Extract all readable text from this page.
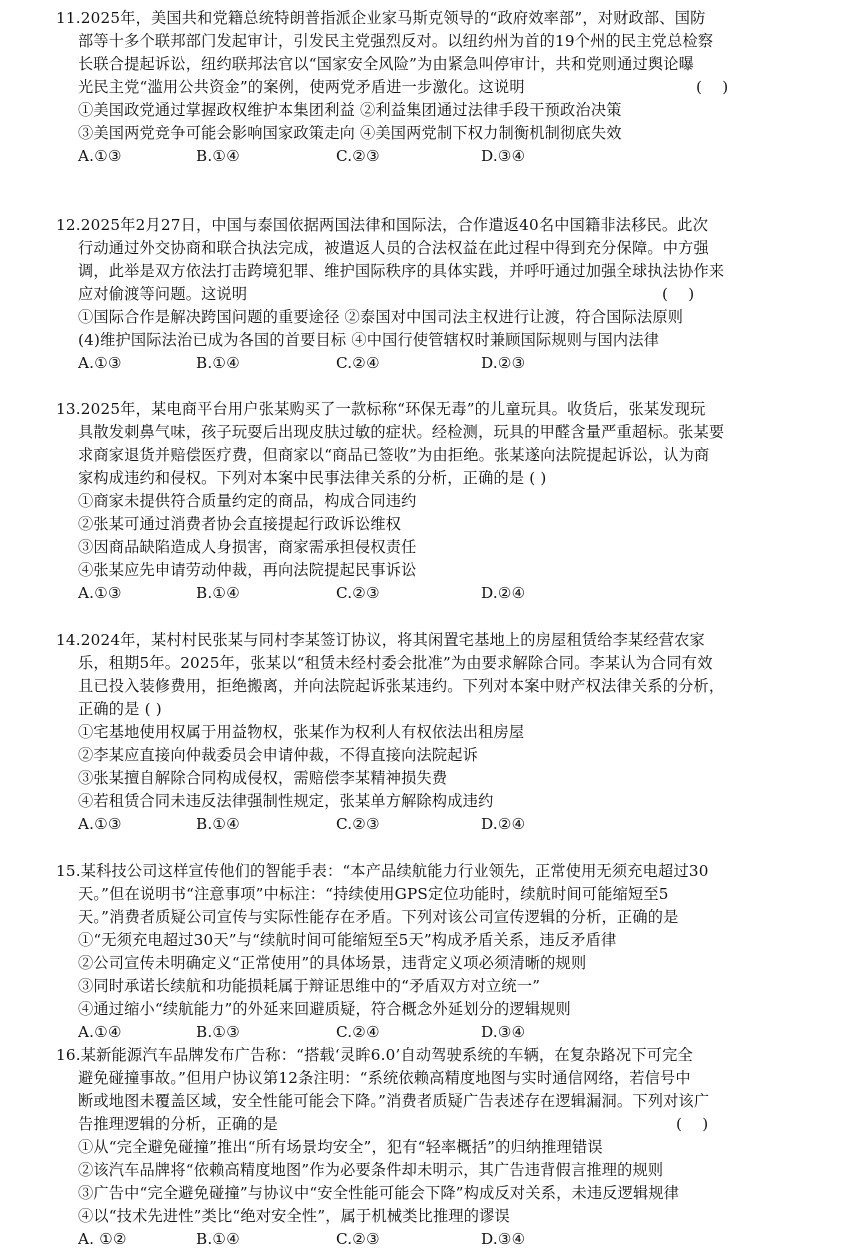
11.2025年，美国共和党籍总统特朗普指派企业家马斯克领导的“政府效率部”，对财政部、国防
部等十多个联邦部门发起审计，引发民主党强烈反对。以纽约州为首的19个州的民主党总检察
长联合提起诉讼，纽约联邦法官以“国家安全风险”为由紧急叫停审计，共和党则通过舆论曝
光民主党“滥用公共资金”的案例，使两党矛盾进一步激化。这说明	(    )
①美国政党通过掌握政权维护本集团利益 ②利益集团通过法律手段干预政治决策
③美国两党竞争可能会影响国家政策走向 ④美国两党制下权力制衡机制彻底失效
A.①③	B.①④	C.②③	D.③④
12.2025年2月27日，中国与泰国依据两国法律和国际法，合作遣返40名中国籍非法移民。此次
行动通过外交协商和联合执法完成，被遣返人员的合法权益在此过程中得到充分保障。中方强
调，此举是双方依法打击跨境犯罪、维护国际秩序的具体实践，并呼吁通过加强全球执法协作来
应对偷渡等问题。这说明	(    )
①国际合作是解决跨国问题的重要途径 ②泰国对中国司法主权进行让渡，符合国际法原则
(4)维护国际法治已成为各国的首要目标 ④中国行使管辖权时兼顾国际规则与国内法律
A.①③	B.①④	C.②④	D.②③
13.2025年，某电商平台用户张某购买了一款标称“环保无毒”的儿童玩具。收货后，张某发现玩
具散发刺鼻气味，孩子玩耍后出现皮肤过敏的症状。经检测，玩具的甲醛含量严重超标。张某要
求商家退货并赔偿医疗费，但商家以“商品已签收”为由拒绝。张某遂向法院提起诉讼，认为商
家构成违约和侵权。下列对本案中民事法律关系的分析，正确的是 ( )
①商家未提供符合质量约定的商品，构成合同违约
②张某可通过消费者协会直接提起行政诉讼维权
③因商品缺陷造成人身损害，商家需承担侵权责任
④张某应先申请劳动仲裁，再向法院提起民事诉讼
A.①③	B.①④	C.②③	D.②④
14.2024年，某村村民张某与同村李某签订协议，将其闲置宅基地上的房屋租赁给李某经营农家
乐，租期5年。2025年，张某以“租赁未经村委会批准”为由要求解除合同。李某认为合同有效
且已投入装修费用，拒绝搬离，并向法院起诉张某违约。下列对本案中财产权法律关系的分析，
正确的是 ( )
①宅基地使用权属于用益物权，张某作为权利人有权依法出租房屋
②李某应直接向仲裁委员会申请仲裁，不得直接向法院起诉
③张某擅自解除合同构成侵权，需赔偿李某精神损失费
④若租赁合同未违反法律强制性规定，张某单方解除构成违约
A.①③	B.①④	C.②③	D.②④
15.某科技公司这样宣传他们的智能手表：“本产品续航能力行业领先，正常使用无须充电超过30
天。”但在说明书“注意事项”中标注：“持续使用GPS定位功能时，续航时间可能缩短至5
天。”消费者质疑公司宣传与实际性能存在矛盾。下列对该公司宣传逻辑的分析，正确的是
①“无须充电超过30天”与“续航时间可能缩短至5天”构成矛盾关系，违反矛盾律
②公司宣传未明确定义“正常使用”的具体场景，违背定义项必须清晰的规则
③同时承诺长续航和功能损耗属于辩证思维中的“矛盾双方对立统一”
④通过缩小“续航能力”的外延来回避质疑，符合概念外延划分的逻辑规则
A.①④	B.①③	C.②④	D.③④
16.某新能源汽车品牌发布广告称：“搭载‘灵眸6.0’自动驾驶系统的车辆，在复杂路况下可完全
避免碰撞事故。”但用户协议第12条注明：“系统依赖高精度地图与实时通信网络，若信号中
断或地图未覆盖区域，安全性能可能会下降。”消费者质疑广告表述存在逻辑漏洞。下列对该广
告推理逻辑的分析，正确的是	(    )
①从“完全避免碰撞”推出“所有场景均安全”，犯有“轻率概括”的归纳推理错误
②该汽车品牌将“依赖高精度地图”作为必要条件却未明示，其广告违背假言推理的规则
③广告中“完全避免碰撞”与协议中“安全性能可能会下降”构成反对关系，未违反逻辑规律
④以“技术先进性”类比“绝对安全性”，属于机械类比推理的谬误
A. ①②	B.①④	C.②③	D.③④
